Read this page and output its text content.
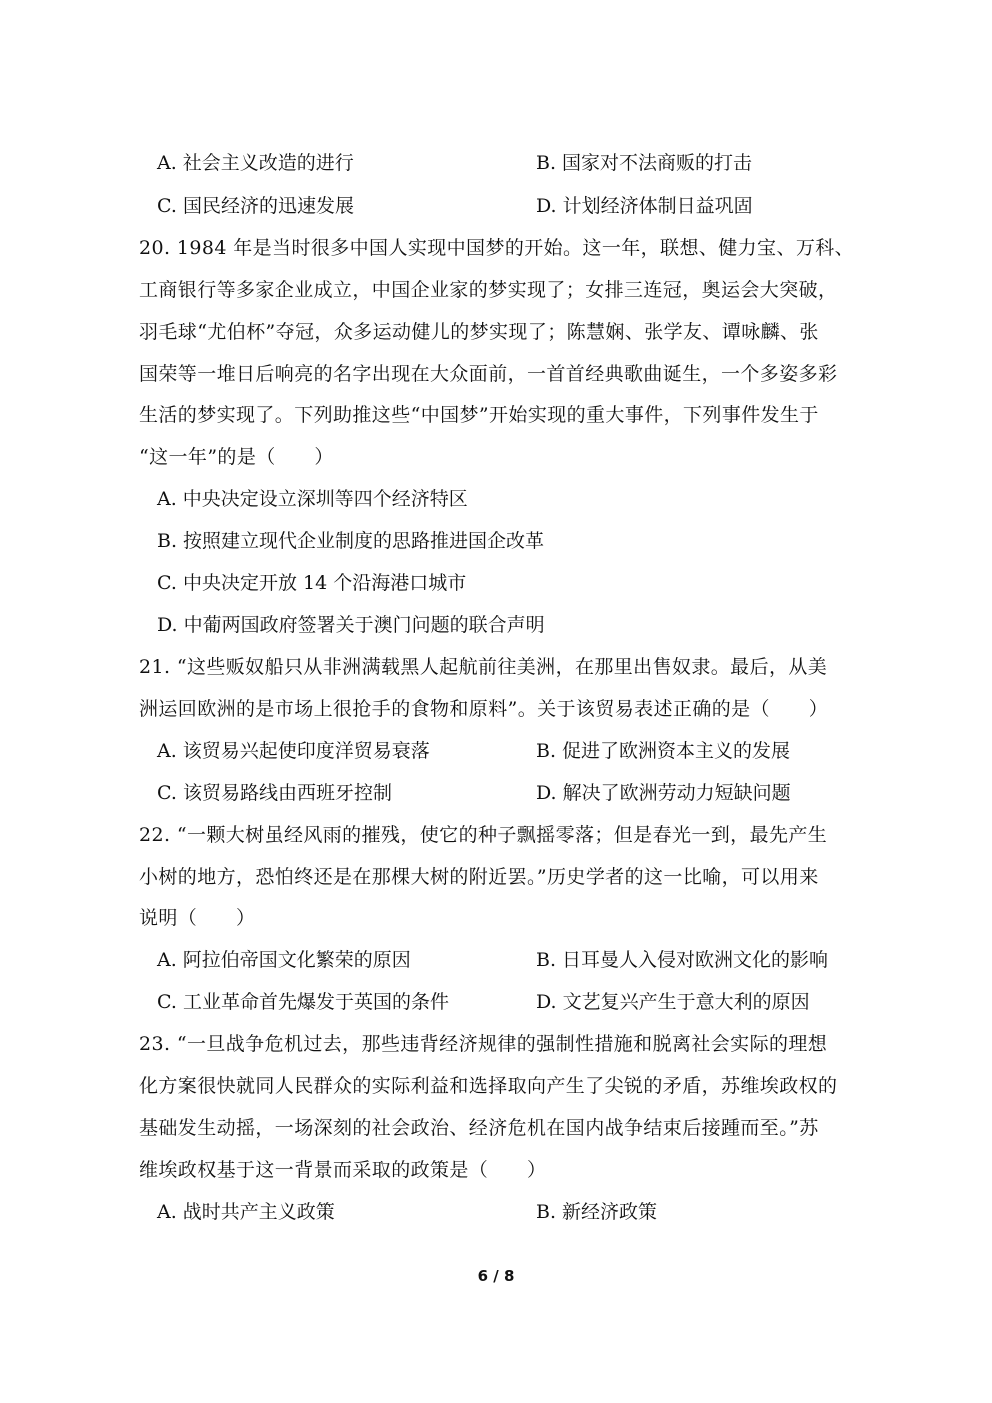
A. 社会主义改造的进行	B. 国家对不法商贩的打击
C. 国民经济的迅速发展	D. 计划经济体制日益巩固
20. 1984 年是当时很多中国人实现中国梦的开始。这一年，联想、健力宝、万科、
工商银行等多家企业成立，中国企业家的梦实现了；女排三连冠，奥运会大突破，
羽毛球“尤伯杯”夺冠，众多运动健儿的梦实现了；陈慧娴、张学友、谭咏麟、张
国荣等一堆日后响亮的名字出现在大众面前，一首首经典歌曲诞生，一个多姿多彩
生活的梦实现了。下列助推这些“中国梦”开始实现的重大事件，下列事件发生于
“这一年”的是（　　）
A. 中央决定设立深圳等四个经济特区
B. 按照建立现代企业制度的思路推进国企改革
C. 中央决定开放 14 个沿海港口城市
D. 中葡两国政府签署关于澳门问题的联合声明
21. “这些贩奴船只从非洲满载黑人起航前往美洲，在那里出售奴隶。最后，从美
洲运回欧洲的是市场上很抢手的食物和原料”。关于该贸易表述正确的是（　　）
A. 该贸易兴起使印度洋贸易衰落	B. 促进了欧洲资本主义的发展
C. 该贸易路线由西班牙控制	D. 解决了欧洲劳动力短缺问题
22. “一颗大树虽经风雨的摧残，使它的种子飘摇零落；但是春光一到，最先产生
小树的地方，恐怕终还是在那棵大树的附近罢。”历史学者的这一比喻，可以用来
说明（　　）
A. 阿拉伯帝国文化繁荣的原因	B. 日耳曼人入侵对欧洲文化的影响
C. 工业革命首先爆发于英国的条件	D. 文艺复兴产生于意大利的原因
23. “一旦战争危机过去，那些违背经济规律的强制性措施和脱离社会实际的理想
化方案很快就同人民群众的实际利益和选择取向产生了尖锐的矛盾，苏维埃政权的
基础发生动摇，一场深刻的社会政治、经济危机在国内战争结束后接踵而至。”苏
维埃政权基于这一背景而采取的政策是（　　）
A. 战时共产主义政策	B. 新经济政策
6 / 8
